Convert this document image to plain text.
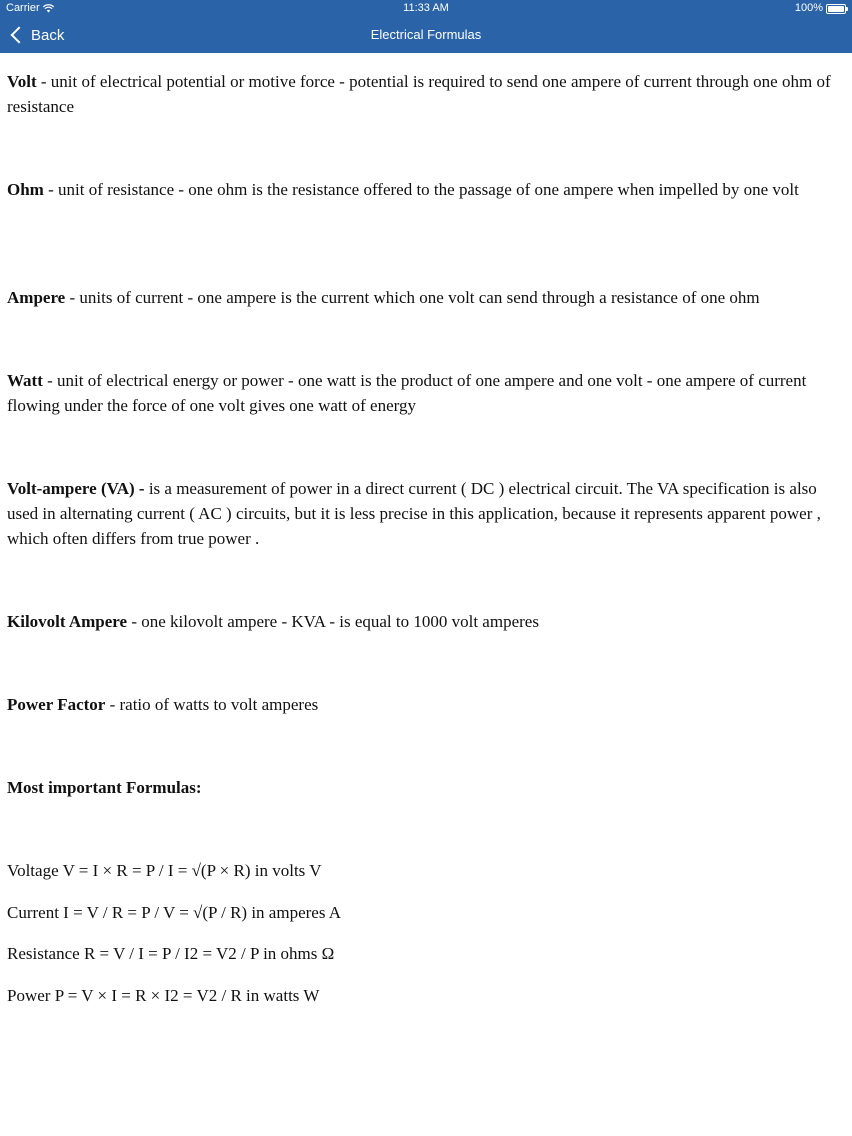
Carrier	11:33 AM	100%
Back	Electrical Formulas

Volt - unit of electrical potential or motive force - potential is required to send one ampere of current through one ohm of resistance

Ohm - unit of resistance - one ohm is the resistance offered to the passage of one ampere when impelled by one volt

Ampere - units of current - one ampere is the current which one volt can send through a resistance of one ohm

Watt - unit of electrical energy or power - one watt is the product of one ampere and one volt - one ampere of current flowing under the force of one volt gives one watt of energy

Volt-ampere (VA) - is a measurement of power in a direct current ( DC ) electrical circuit. The VA specification is also used in alternating current ( AC ) circuits, but it is less precise in this application, because it represents apparent power , which often differs from true power .

Kilovolt Ampere - one kilovolt ampere - KVA - is equal to 1000 volt amperes

Power Factor - ratio of watts to volt amperes

Most important Formulas:

Voltage V = I × R = P / I = √(P × R) in volts V

Current I = V / R = P / V = √(P / R) in amperes A

Resistance R = V / I = P / I2 = V2 / P in ohms Ω

Power P = V × I = R × I2 = V2 / R in watts W
